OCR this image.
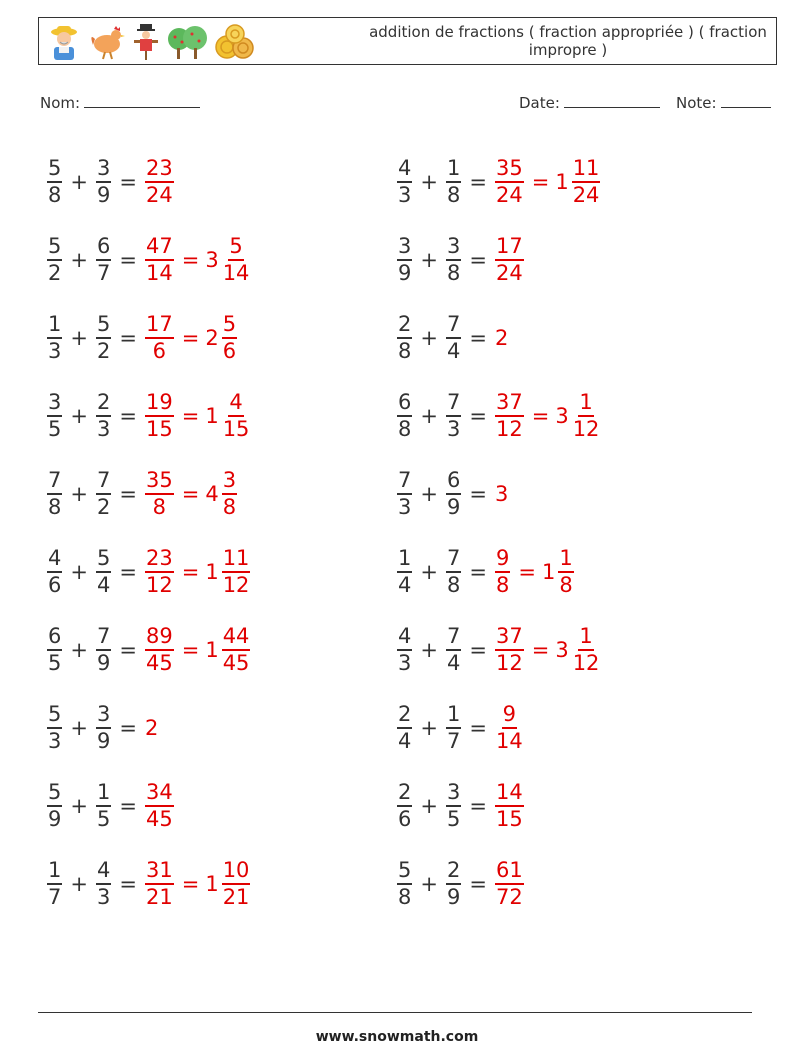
addition de fractions ( fraction appropriée ) ( fraction impropre )
Nom:	Date:	Note:
$\frac{5}{8} + \frac{3}{9} = \frac{23}{24}$
$\frac{5}{2} + \frac{6}{7} = \frac{47}{14} = 3 \frac{5}{14}$
$\frac{1}{3} + \frac{5}{2} = \frac{17}{6} = 2 \frac{5}{6}$
$\frac{3}{5} + \frac{2}{3} = \frac{19}{15} = 1 \frac{4}{15}$
$\frac{7}{8} + \frac{7}{2} = \frac{35}{8} = 4 \frac{3}{8}$
$\frac{4}{6} + \frac{5}{4} = \frac{23}{12} = 1 \frac{11}{12}$
$\frac{6}{5} + \frac{7}{9} = \frac{89}{45} = 1 \frac{44}{45}$
$\frac{5}{3} + \frac{3}{9} = 2$
$\frac{5}{9} + \frac{1}{5} = \frac{34}{45}$
$\frac{1}{7} + \frac{4}{3} = \frac{31}{21} = 1 \frac{10}{21}$
$\frac{4}{3} + \frac{1}{8} = \frac{35}{24} = 1 \frac{11}{24}$
$\frac{3}{9} + \frac{3}{8} = \frac{17}{24}$
$\frac{2}{8} + \frac{7}{4} = 2$
$\frac{6}{8} + \frac{7}{3} = \frac{37}{12} = 3 \frac{1}{12}$
$\frac{7}{3} + \frac{6}{9} = 3$
$\frac{1}{4} + \frac{7}{8} = \frac{9}{8} = 1 \frac{1}{8}$
$\frac{4}{3} + \frac{7}{4} = \frac{37}{12} = 3 \frac{1}{12}$
$\frac{2}{4} + \frac{1}{7} = \frac{9}{14}$
$\frac{2}{6} + \frac{3}{5} = \frac{14}{15}$
$\frac{5}{8} + \frac{2}{9} = \frac{61}{72}$
www.snowmath.com
